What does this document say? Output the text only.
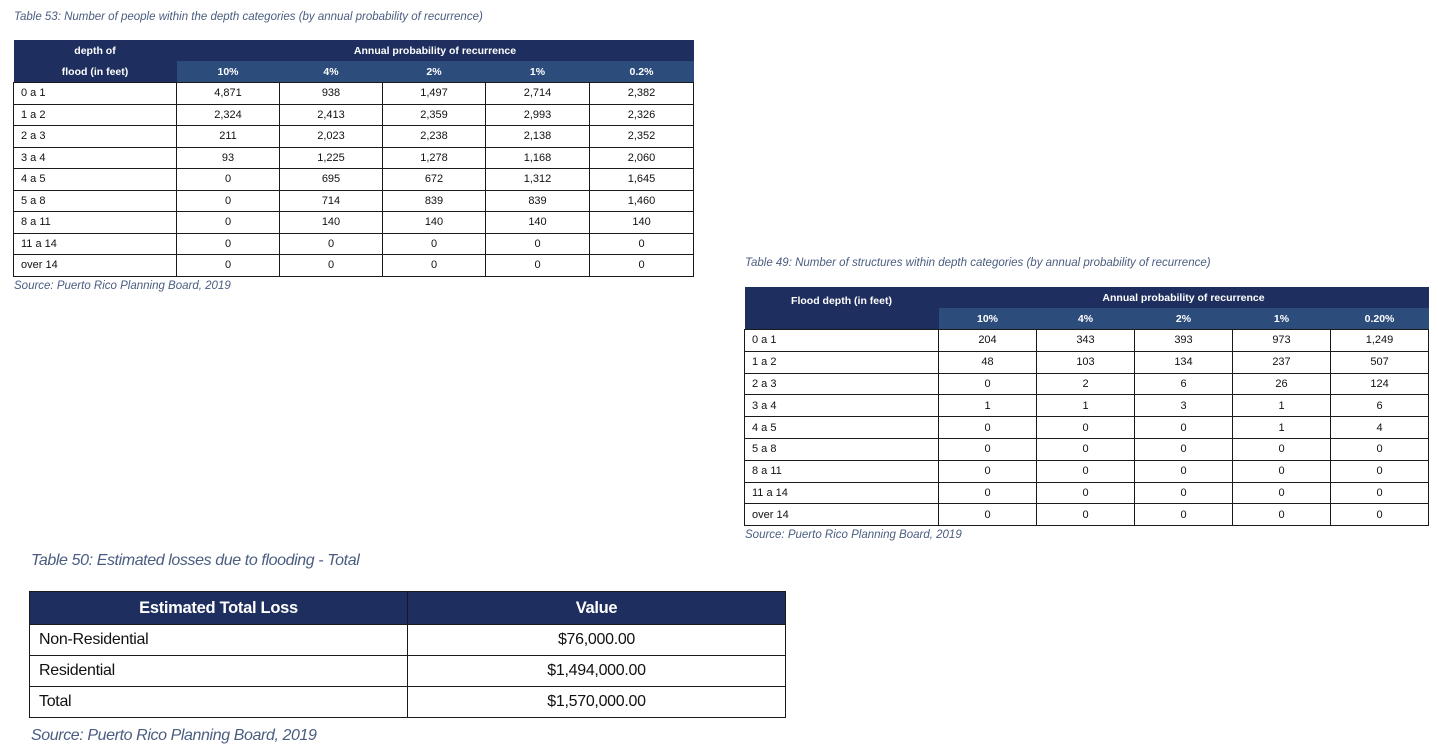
Table 53: Number of people within the depth categories (by annual probability of recurrence)
depth of	Annual probability of recurrence				
flood (in feet)	10%	4%	2%	1%	0.2%
0 a 1	4,871	938	1,497	2,714	2,382
1 a 2	2,324	2,413	2,359	2,993	2,326
2 a 3	211	2,023	2,238	2,138	2,352
3 a 4	93	1,225	1,278	1,168	2,060
4 a 5	0	695	672	1,312	1,645
5 a 8	0	714	839	839	1,460
8 a 11	0	140	140	140	140
11 a 14	0	0	0	0	0
over 14	0	0	0	0	0
Source: Puerto Rico Planning Board, 2019
Table 49: Number of structures within depth categories (by annual probability of recurrence)
Flood depth (in feet)	Annual probability of recurrence				
	10%	4%	2%	1%	0.20%
0 a 1	204	343	393	973	1,249
1 a 2	48	103	134	237	507
2 a 3	0	2	6	26	124
3 a 4	1	1	3	1	6
4 a 5	0	0	0	1	4
5 a 8	0	0	0	0	0
8 a 11	0	0	0	0	0
11 a 14	0	0	0	0	0
over 14	0	0	0	0	0
Source: Puerto Rico Planning Board, 2019
Table 50: Estimated losses due to flooding - Total
Estimated Total Loss	Value
Non-Residential	$76,000.00
Residential	$1,494,000.00
Total	$1,570,000.00
Source: Puerto Rico Planning Board, 2019
